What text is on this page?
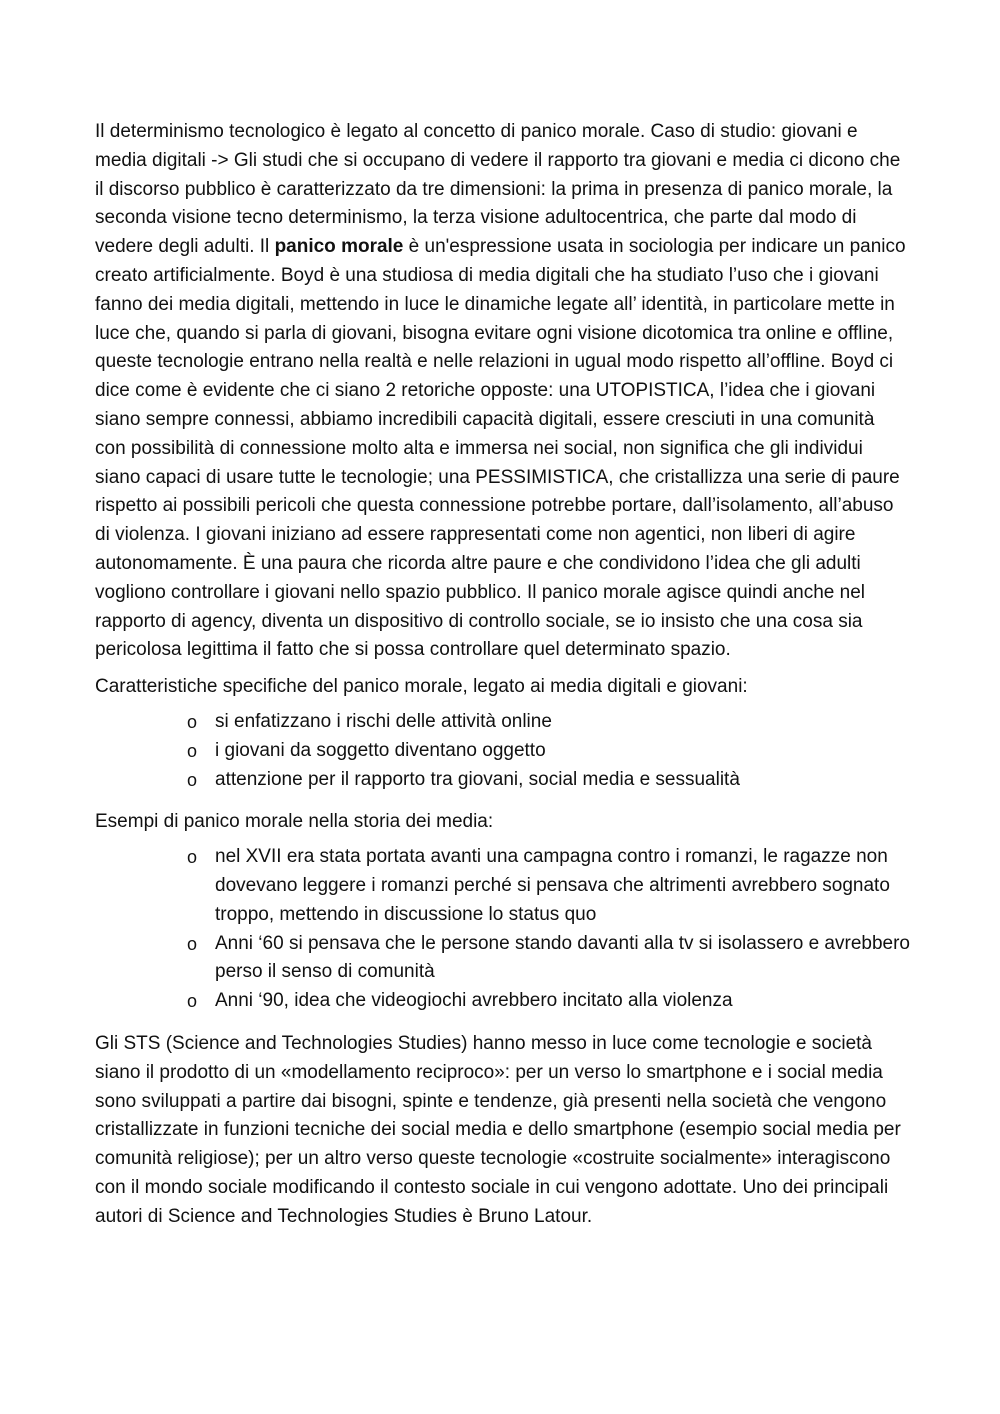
Il determinismo tecnologico è legato al concetto di panico morale. Caso di studio: giovani e media digitali -> Gli studi che si occupano di vedere il rapporto tra giovani e media ci dicono che il discorso pubblico è caratterizzato da tre dimensioni: la prima in presenza di panico morale, la seconda visione tecno determinismo, la terza visione adultocentrica, che parte dal modo di vedere degli adulti. Il panico morale è un'espressione usata in sociologia per indicare un panico creato artificialmente. Boyd è una studiosa di media digitali che ha studiato l’uso che i giovani fanno dei media digitali, mettendo in luce le dinamiche legate all’ identità, in particolare mette in luce che, quando si parla di giovani, bisogna evitare ogni visione dicotomica tra online e offline, queste tecnologie entrano nella realtà e nelle relazioni in ugual modo rispetto all’offline. Boyd ci dice come è evidente che ci siano 2 retoriche opposte: una UTOPISTICA, l’idea che i giovani siano sempre connessi, abbiamo incredibili capacità digitali, essere cresciuti in una comunità con possibilità di connessione molto alta e immersa nei social, non significa che gli individui siano capaci di usare tutte le tecnologie; una PESSIMISTICA, che cristallizza una serie di paure rispetto ai possibili pericoli che questa connessione potrebbe portare, dall’isolamento, all’abuso di violenza. I giovani iniziano ad essere rappresentati come non agentici, non liberi di agire autonomamente. È una paura che ricorda altre paure e che condividono l’idea che gli adulti vogliono controllare i giovani nello spazio pubblico. Il panico morale agisce quindi anche nel rapporto di agency, diventa un dispositivo di controllo sociale, se io insisto che una cosa sia pericolosa legittima il fatto che si possa controllare quel determinato spazio.

Caratteristiche specifiche del panico morale, legato ai media digitali e giovani:

o si enfatizzano i rischi delle attività online
o i giovani da soggetto diventano oggetto
o attenzione per il rapporto tra giovani, social media e sessualità

Esempi di panico morale nella storia dei media:

o nel XVII era stata portata avanti una campagna contro i romanzi, le ragazze non dovevano leggere i romanzi perché si pensava che altrimenti avrebbero sognato troppo, mettendo in discussione lo status quo
o Anni ‘60 si pensava che le persone stando davanti alla tv si isolassero e avrebbero perso il senso di comunità
o Anni ‘90, idea che videogiochi avrebbero incitato alla violenza

Gli STS (Science and Technologies Studies) hanno messo in luce come tecnologie e società siano il prodotto di un «modellamento reciproco»: per un verso lo smartphone e i social media sono sviluppati a partire dai bisogni, spinte e tendenze, già presenti nella società che vengono cristallizzate in funzioni tecniche dei social media e dello smartphone (esempio social media per comunità religiose); per un altro verso queste tecnologie «costruite socialmente» interagiscono con il mondo sociale modificando il contesto sociale in cui vengono adottate. Uno dei principali autori di Science and Technologies Studies è Bruno Latour.
